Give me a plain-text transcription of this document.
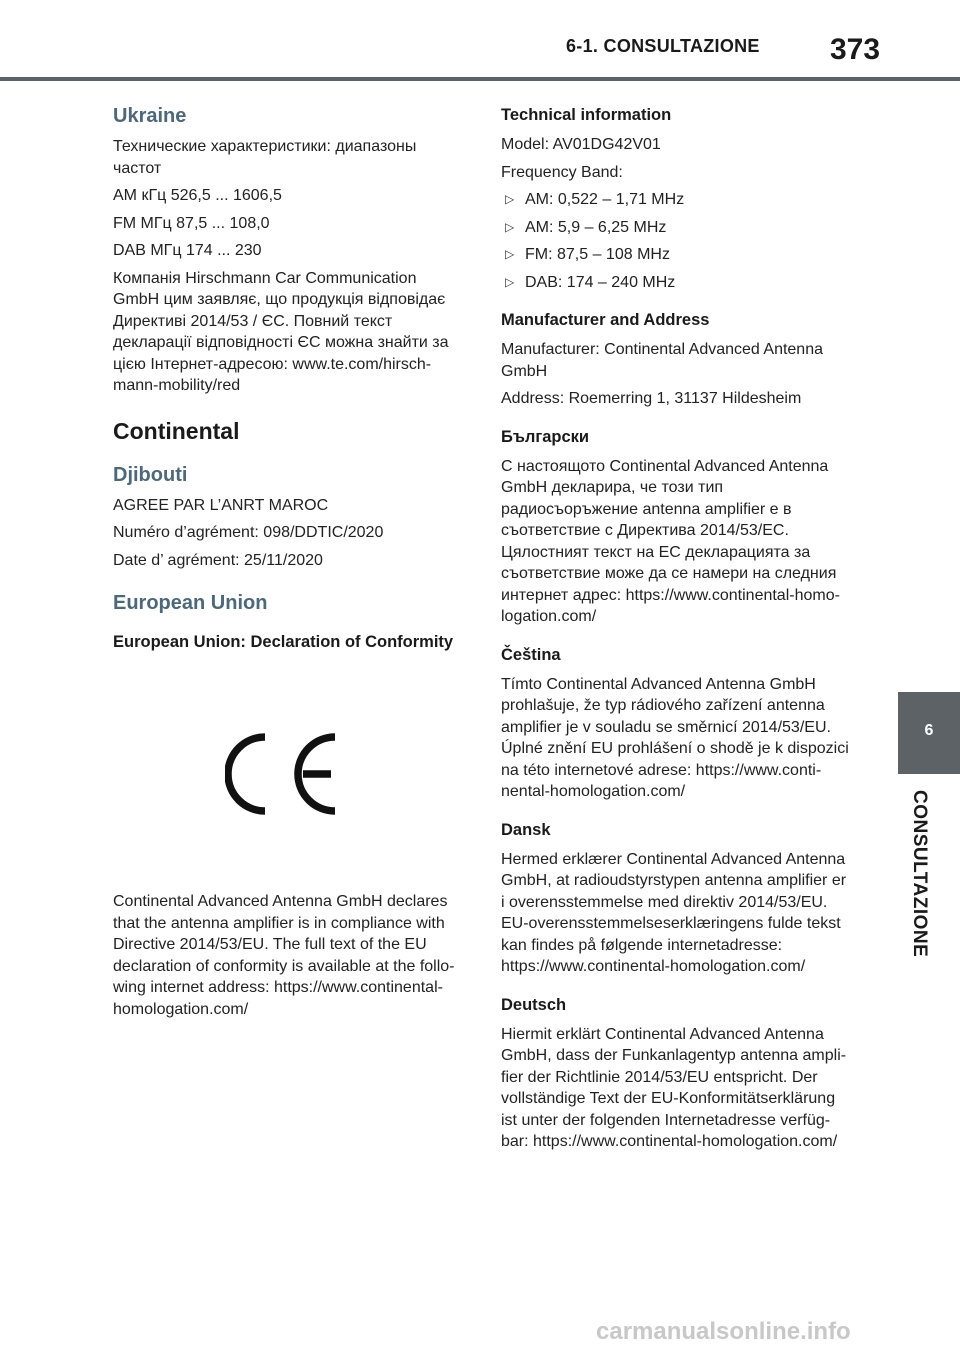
6-1. CONSULTAZIONE	373
Ukraine

Технические характеристики: диапазоны частот

АМ кГц 526,5 ... 1606,5

FM МГц 87,5 ... 108,0

DAB МГц 174 ... 230

Компанія Hirschmann Car Communication GmbH цим заявляє, що продукція відповідає Директиві 2014/53 / ЄС. Повний текст декларації відповідності ЄС можна знайти за цією Інтернет-адресою: www.te.com/hirsch-mann-mobility/red

Continental
Djibouti

AGREE PAR L’ANRT MAROC

Numéro d’agrément: 098/DDTIC/2020

Date d’ agrément: 25/11/2020

European Union
European Union: Declaration of Conformity

Continental Advanced Antenna GmbH declares that the antenna amplifier is in compliance with Directive 2014/53/EU. The full text of the EU declaration of conformity is available at the follo-wing internet address: https://www.continental-homologation.com/

Technical information

Model: AV01DG42V01

Frequency Band:

▷ AM: 0,522 – 1,71 MHz
▷ AM: 5,9 – 6,25 MHz
▷ FM: 87,5 – 108 MHz
▷ DAB: 174 – 240 MHz
Manufacturer and Address

Manufacturer: Continental Advanced Antenna GmbH

Address: Roemerring 1, 31137 Hildesheim

Български

С настоящото Continental Advanced Antenna GmbH декларира, че този тип радиосъоръжение antenna amplifier е в съответствие с Директива 2014/53/ЕС. Цялостният текст на ЕС декларацията за съответствие може да се намери на следния интернет адрес: https://www.continental-homo-logation.com/

Čeština

Tímto Continental Advanced Antenna GmbH prohlašuje, že typ rádiového zařízení antenna amplifier je v souladu se směrnicí 2014/53/EU. Úplné znění EU prohlášení o shodě je k dispozici na této internetové adrese: https://www.conti-nental-homologation.com/

Dansk

Hermed erklærer Continental Advanced Antenna GmbH, at radioudstyrstypen antenna amplifier er i overensstemmelse med direktiv 2014/53/EU. EU-overensstemmelseserklæringens fulde tekst kan findes på følgende internetadresse: https://www.continental-homologation.com/

Deutsch

Hiermit erklärt Continental Advanced Antenna GmbH, dass der Funkanlagentyp antenna ampli-fier der Richtlinie 2014/53/EU entspricht. Der vollständige Text der EU-Konformitätserklärung ist unter der folgenden Internetadresse verfüg-bar: https://www.continental-homologation.com/

6
CONSULTAZIONE
carmanualsonline.info
